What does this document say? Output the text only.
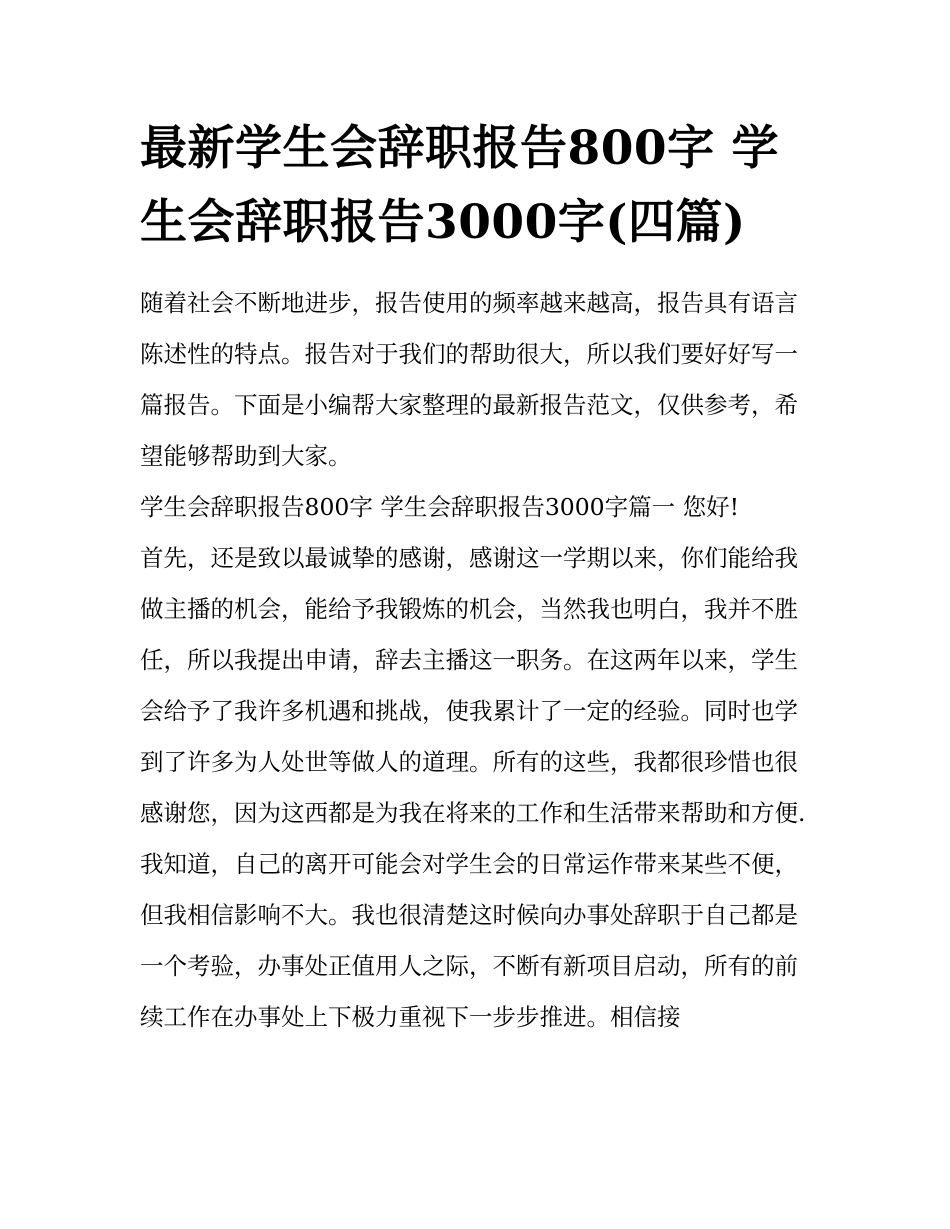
最新学生会辞职报告800字 学生会辞职报告3000字(四篇)

随着社会不断地进步，报告使用的频率越来越高，报告具有语言陈述性的特点。报告对于我们的帮助很大，所以我们要好好写一篇报告。下面是小编帮大家整理的最新报告范文，仅供参考，希望能够帮助到大家。

学生会辞职报告800字 学生会辞职报告3000字篇一 您好!

首先，还是致以最诚挚的感谢，感谢这一学期以来，你们能给我做主播的机会，能给予我锻炼的机会，当然我也明白，我并不胜任，所以我提出申请，辞去主播这一职务。在这两年以来，学生会给予了我许多机遇和挑战，使我累计了一定的经验。同时也学到了许多为人处世等做人的道理。所有的这些，我都很珍惜也很感谢您，因为这西都是为我在将来的工作和生活带来帮助和方便.

我知道，自己的离开可能会对学生会的日常运作带来某些不便，但我相信影响不大。我也很清楚这时候向办事处辞职于自己都是一个考验，办事处正值用人之际，不断有新项目启动，所有的前续工作在办事处上下极力重视下一步步推进。相信接
